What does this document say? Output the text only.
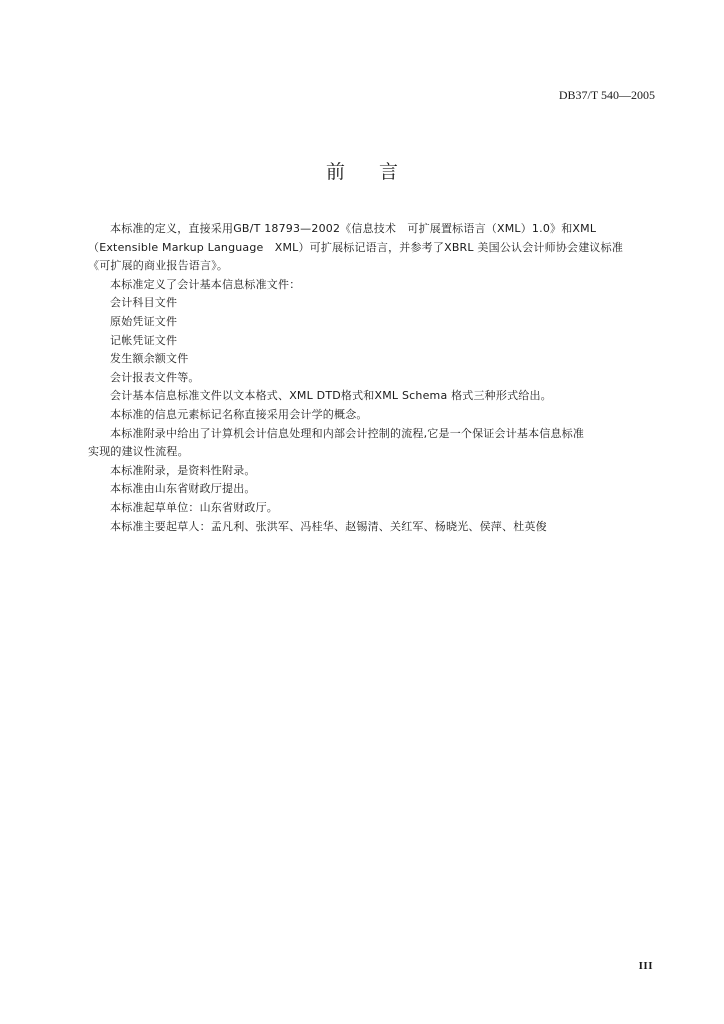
DB37/T 540—2005
前 言

本标准的定义，直接采用GB/T 18793—2002《信息技术　可扩展置标语言（XML）1.0》和XML
（Extensible Markup Language　XML）可扩展标记语言，并参考了XBRL 美国公认会计师协会建议标准
《可扩展的商业报告语言》。

本标准定义了会计基本信息标准文件：

会计科目文件

原始凭证文件

记帐凭证文件

发生额余额文件

会计报表文件等。

会计基本信息标准文件以文本格式、XML DTD格式和XML Schema 格式三种形式给出。

本标准的信息元素标记名称直接采用会计学的概念。

本标准附录中给出了计算机会计信息处理和内部会计控制的流程,它是一个保证会计基本信息标准
实现的建议性流程。

本标准附录，是资料性附录。

本标准由山东省财政厅提出。

本标准起草单位：山东省财政厅。

本标准主要起草人：孟凡利、张洪军、冯桂华、赵锡清、关红军、杨晓光、侯萍、杜英俊

III
